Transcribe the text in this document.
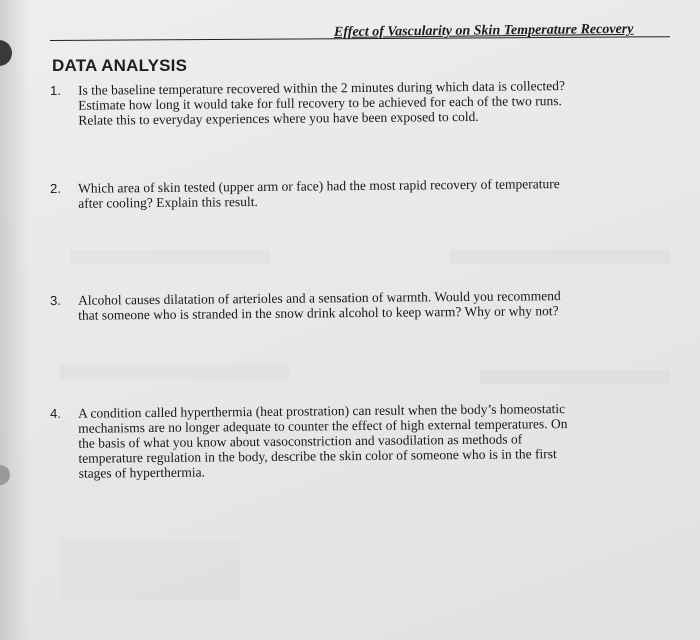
Effect of Vascularity on Skin Temperature Recovery
DATA ANALYSIS
1.	Is the baseline temperature recovered within the 2 minutes during which data is collected?
Estimate how long it would take for full recovery to be achieved for each of the two runs.
Relate this to everyday experiences where you have been exposed to cold.
2.	Which area of skin tested (upper arm or face) had the most rapid recovery of temperature
after cooling? Explain this result.
3.	Alcohol causes dilatation of arterioles and a sensation of warmth. Would you recommend
that someone who is stranded in the snow drink alcohol to keep warm? Why or why not?
4.	A condition called hyperthermia (heat prostration) can result when the body’s homeostatic
mechanisms are no longer adequate to counter the effect of high external temperatures. On
the basis of what you know about vasoconstriction and vasodilation as methods of
temperature regulation in the body, describe the skin color of someone who is in the first
stages of hyperthermia.
